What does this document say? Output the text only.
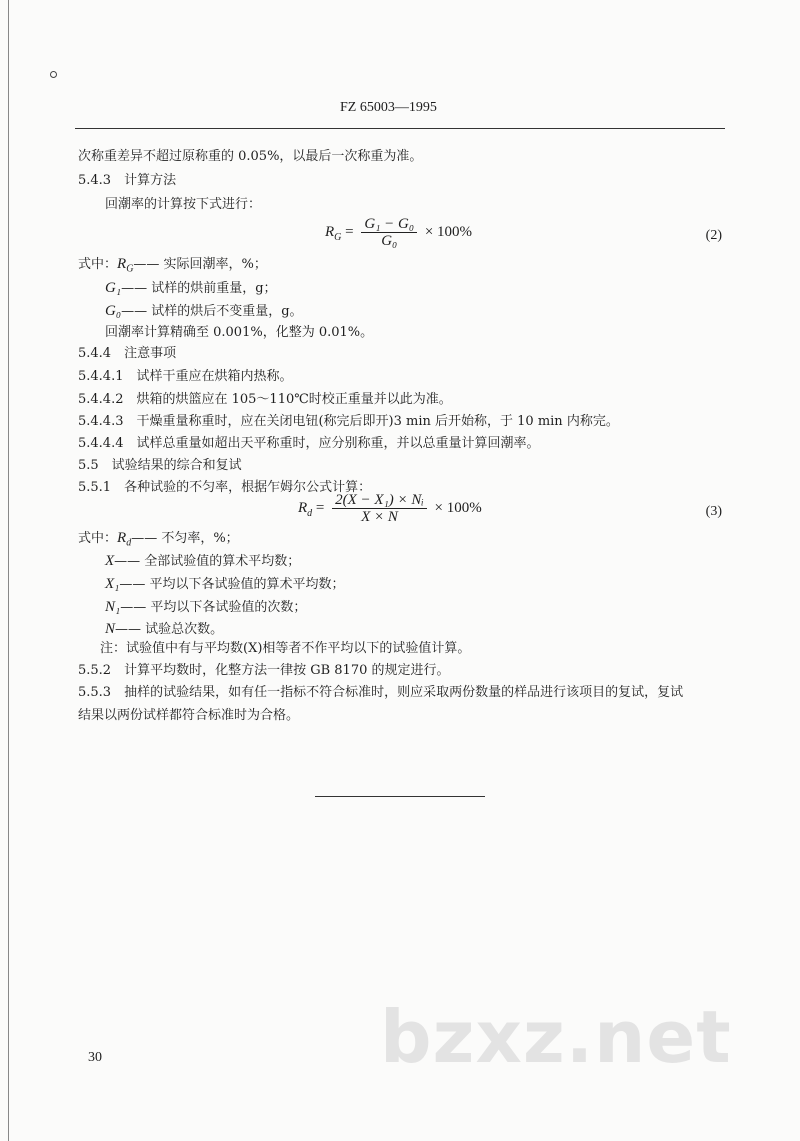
FZ 65003—1995
次称重差异不超过原称重的 0.05%，以最后一次称重为准。
5.4.3　计算方法
回潮率的计算按下式进行：
$R_G = \frac{\text{G₁ − G₀}}{\text{G₀}} \times 100\%$	(2)
式中：$R_G——$ 实际回潮率，%；
G₁—— 试样的烘前重量，g；
G₀—— 试样的烘后不变重量，g。
回潮率计算精确至 0.001%，化整为 0.01%。
5.4.4　注意事项
5.4.4.1　试样干重应在烘箱内热称。
5.4.4.2　烘箱的烘篮应在 105～110℃时校正重量并以此为准。
5.4.4.3　干燥重量称重时，应在关闭电钮(称完后即开)3 min 后开始称，于 10 min 内称完。
5.4.4.4　试样总重量如超出天平称重时，应分别称重，并以总重量计算回潮率。
5.5　试验结果的综合和复试
5.5.1　各种试验的不匀率，根据乍姆尔公式计算：
$R_d = \frac{\text{2(X − X₁) × Nᵢ}}{X \times N} \times 100\%$	(3)
式中：$R_d——$ 不匀率，%；
X—— 全部试验值的算术平均数；
X₁—— 平均以下各试验值的算术平均数；
N₁—— 平均以下各试验值的次数；
N—— 试验总次数。
注：试验值中有与平均数(X)相等者不作平均以下的试验值计算。
5.5.2　计算平均数时，化整方法一律按 GB 8170 的规定进行。
5.5.3　抽样的试验结果，如有任一指标不符合标准时，则应采取两份数量的样品进行该项目的复试，复试
结果以两份试样都符合标准时为合格。
bzxz.net
30
